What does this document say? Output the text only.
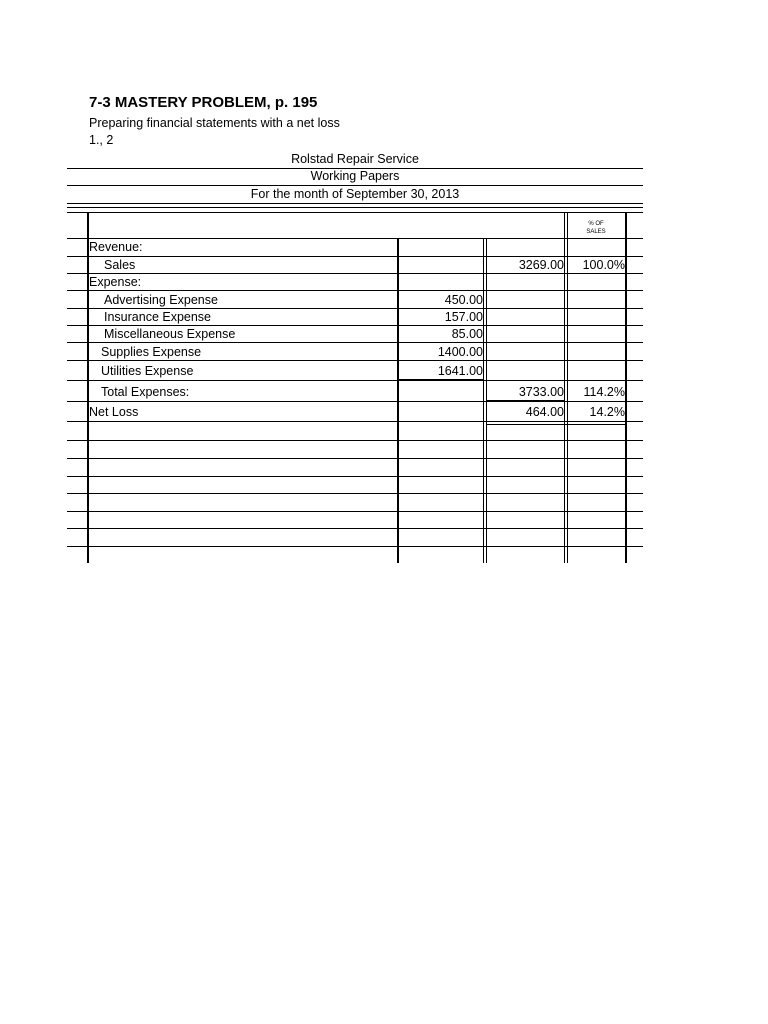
7-3 MASTERY PROBLEM, p. 195
Preparing financial statements with a net loss
1., 2
Rolstad Repair Service
Working Papers
For the month of September 30, 2013
% OF
SALES
Revenue:
Sales
Expense:
Advertising Expense
Insurance Expense
Miscellaneous Expense
Supplies Expense
Utilities Expense
Total Expenses:
Net Loss
450.00
157.00
85.00
1400.00
1641.00
3269.00
3733.00
464.00
100.0%
114.2%
14.2%
